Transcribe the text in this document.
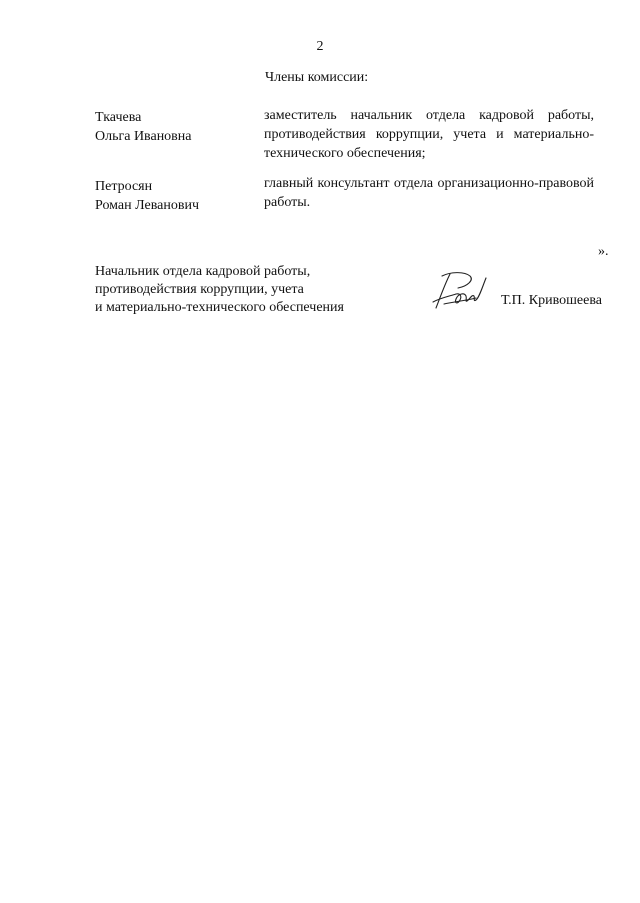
2
Члены комиссии:
Ткачева
Ольга Ивановна
заместитель начальник отдела кадровой работы, противодействия коррупции, учета и материально-технического обеспечения;
Петросян
Роман Леванович
главный консультант отдела организационно-правовой работы.
».
Начальник отдела кадровой работы,
противодействия коррупции, учета
и материально-технического обеспечения	Т.П. Кривошеева
